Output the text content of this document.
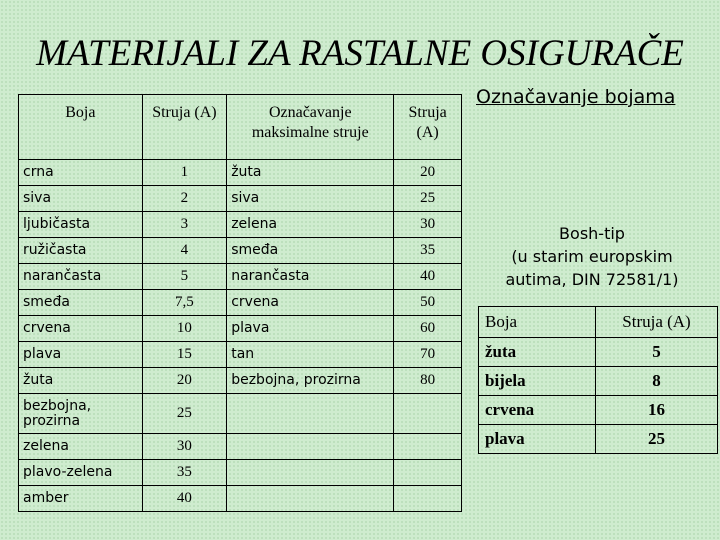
MATERIJALI ZA RASTALNE OSIGURAČE
Boja	Struja (A)	Označavanje maksimalne struje	Struja (A)
crna	1	žuta	20
siva	2	siva	25
ljubičasta	3	zelena	30
ružičasta	4	smeđa	35
narančasta	5	narančasta	40
smeđa	7,5	crvena	50
crvena	10	plava	60
plava	15	tan	70
žuta	20	bezbojna, prozirna	80
bezbojna, prozirna	25		
zelena	30		
plavo-zelena	35		
amber	40		
Označavanje bojama
Bosh-tip
(u starim europskim
autima, DIN 72581/1)
Boja	Struja (A)
žuta	5
bijela	8
crvena	16
plava	25
